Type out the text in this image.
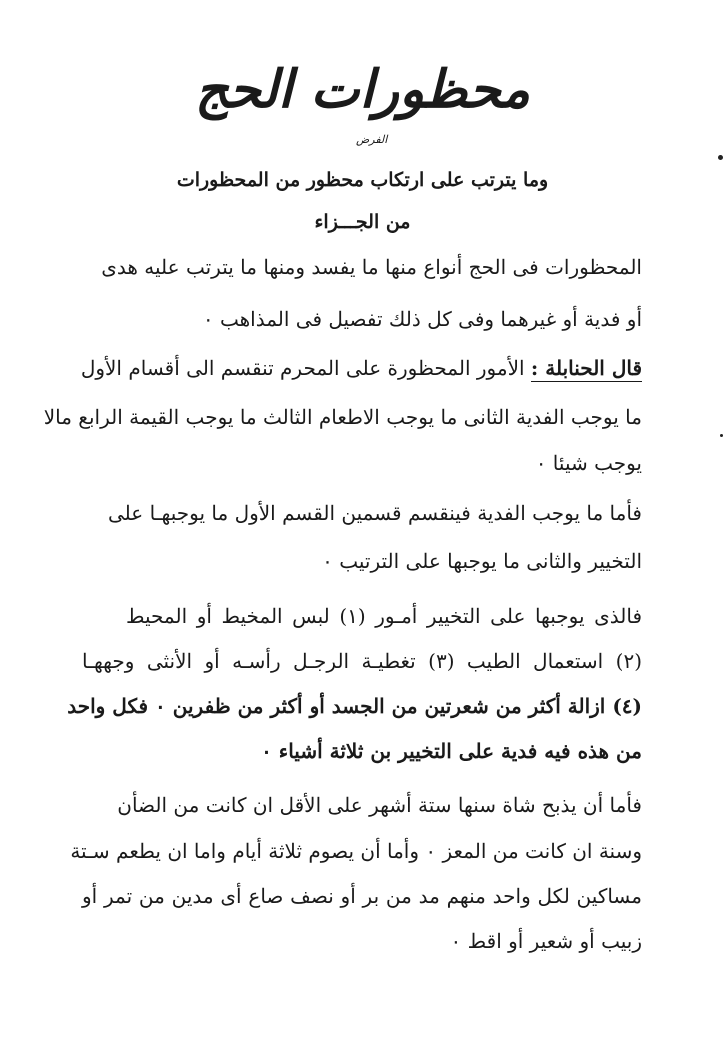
محظورات الحج
الفرض
وما يترتب على ارتكاب محظور من المحظورات
من الجـــزاء
المحظورات فى الحج أنواع منها ما يفسد ومنها ما يترتب عليه هدى
أو فدية أو غيرهما وفى كل ذلك تفصيل فى المذاهب ٠
قال الحنابلة : الأمور المحظورة على المحرم تنقسم الى أقسام الأول
ما يوجب الفدية الثانى ما يوجب الاطعام الثالث ما يوجب القيمة الرابع مالا
يوجب شيئا ٠
فأما ما يوجب الفدية فينقسم قسمين القسم الأول ما يوجبهـا على
التخيير والثانى ما يوجبها على الترتيب ٠
فالذى يوجبها على التخيير أمـور (١) لبس المخيط أو المحيط
(٢) استعمال الطيب (٣) تغطيـة الرجـل رأسـه أو الأنثى وجههـا
(٤) ازالة أكثر من شعرتين من الجسد أو أكثر من ظفرين ٠ فكل واحد
من هذه فيه فدية على التخيير بن ثلاثة أشياء ٠
فأما أن يذبح شاة سنها ستة أشهر على الأقل ان كانت من الضأن
وسنة ان كانت من المعز ٠ وأما أن يصوم ثلاثة أيام واما ان يطعم سـتة
مساكين لكل واحد منهم مد من بر أو نصف صاع أى مدين من تمر أو
زبيب أو شعير أو اقط ٠
